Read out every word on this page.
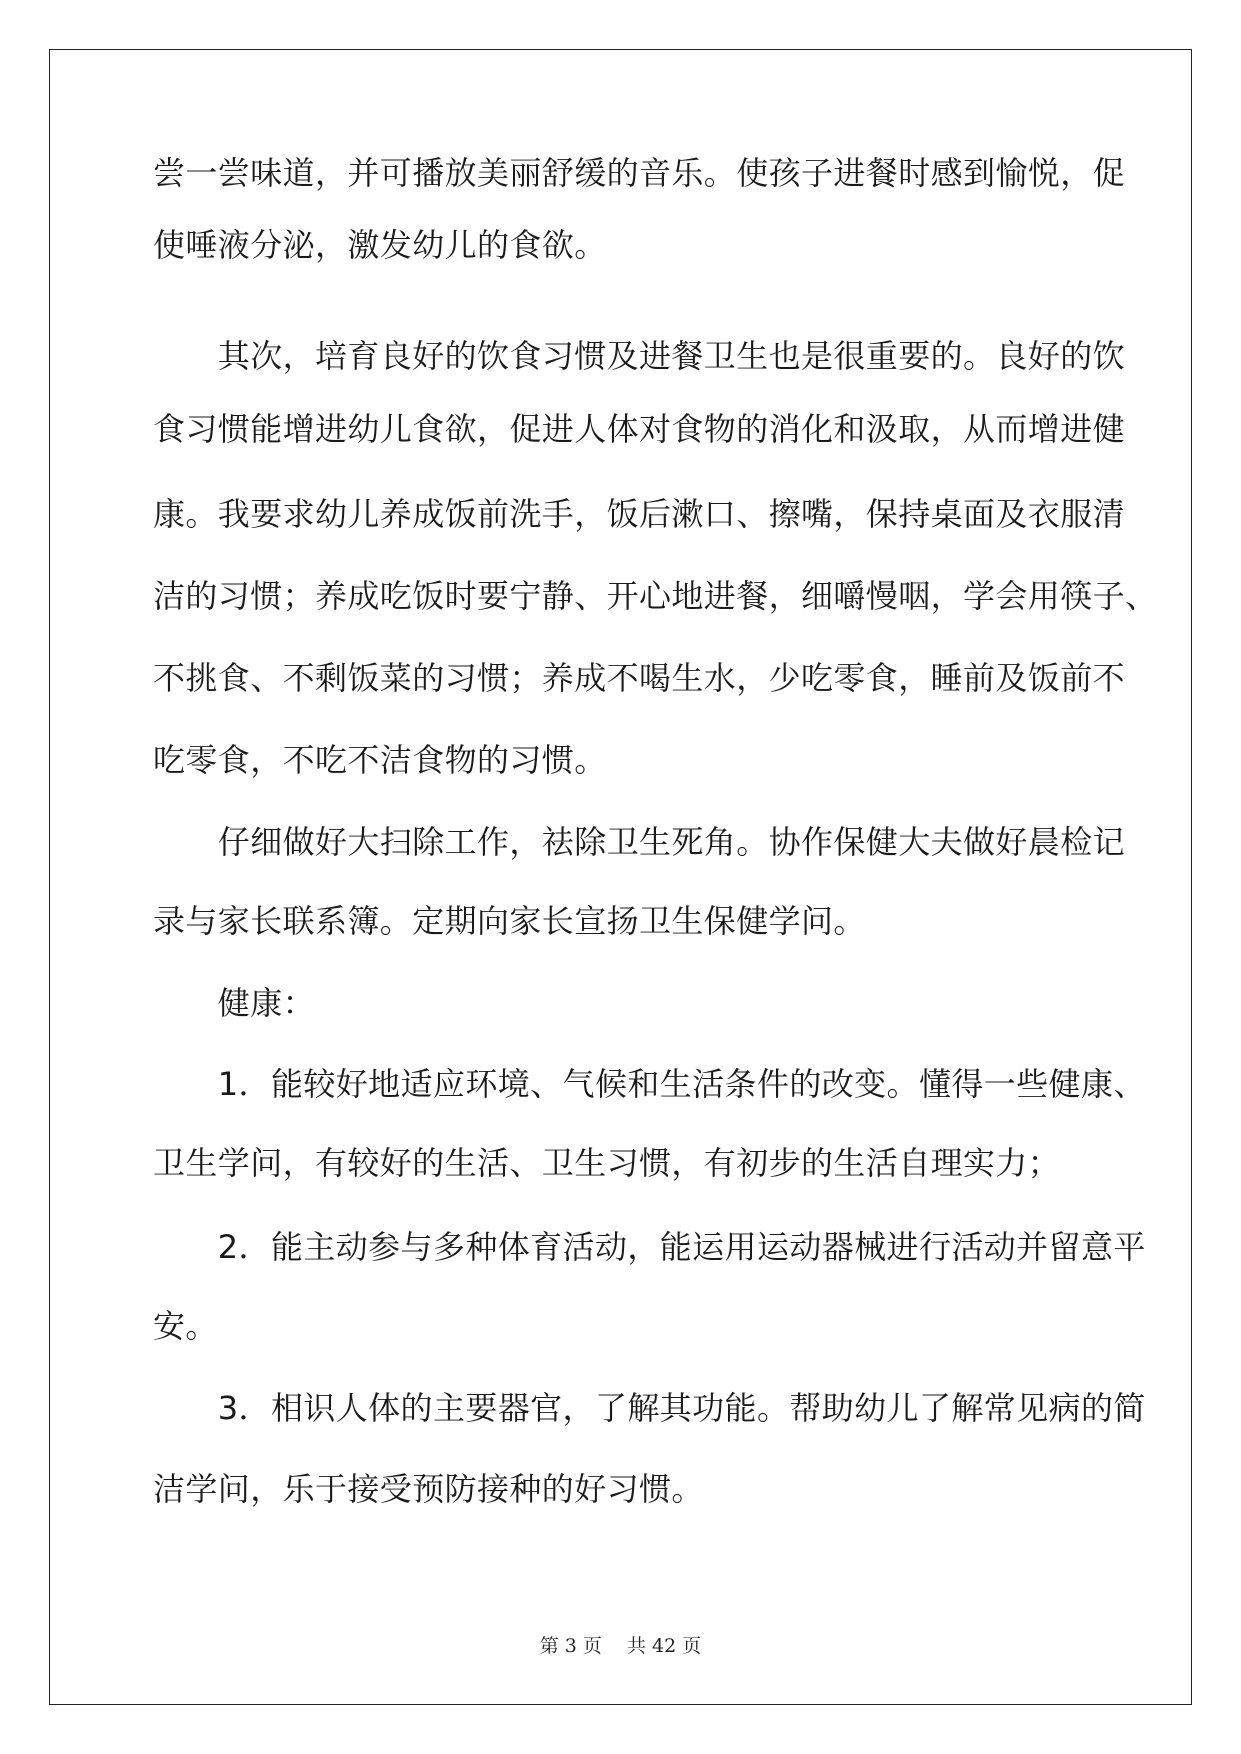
尝一尝味道，并可播放美丽舒缓的音乐。使孩子进餐时感到愉悦，促
使唾液分泌，激发幼儿的食欲。
　　其次，培育良好的饮食习惯及进餐卫生也是很重要的。良好的饮
食习惯能增进幼儿食欲，促进人体对食物的消化和汲取，从而增进健
康。我要求幼儿养成饭前洗手，饭后漱口、擦嘴，保持桌面及衣服清
洁的习惯；养成吃饭时要宁静、开心地进餐，细嚼慢咽，学会用筷子、
不挑食、不剩饭菜的习惯；养成不喝生水，少吃零食，睡前及饭前不
吃零食，不吃不洁食物的习惯。
　　仔细做好大扫除工作，祛除卫生死角。协作保健大夫做好晨检记
录与家长联系簿。定期向家长宣扬卫生保健学问。
　　健康：
　　1．能较好地适应环境、气候和生活条件的改变。懂得一些健康、
卫生学问，有较好的生活、卫生习惯，有初步的生活自理实力；
　　2．能主动参与多种体育活动，能运用运动器械进行活动并留意平
安。
　　3．相识人体的主要器官，了解其功能。帮助幼儿了解常见病的简
洁学问，乐于接受预防接种的好习惯。
第 3 页　 共 42 页
